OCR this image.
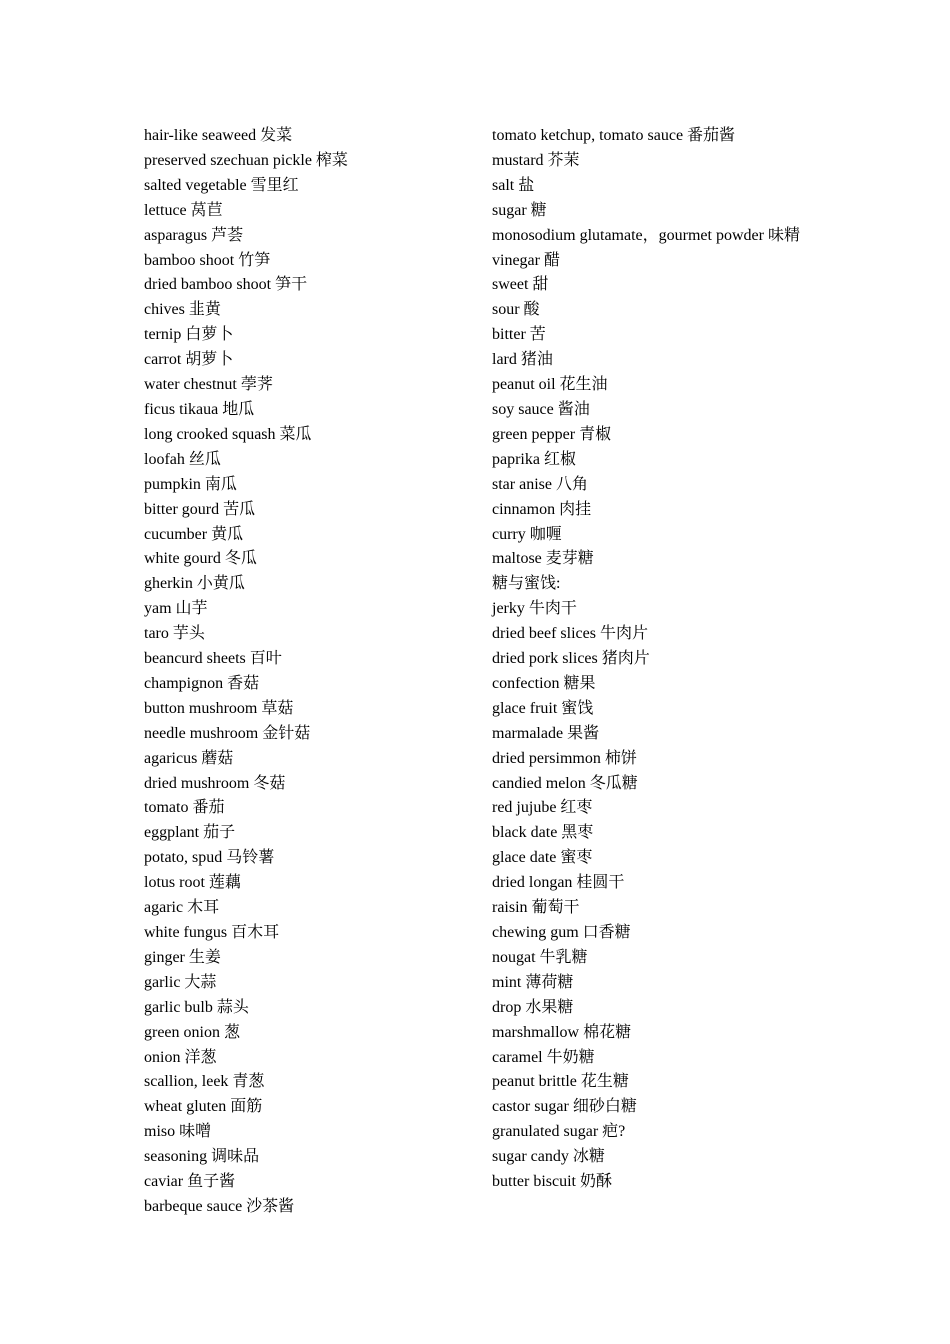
hair-like seaweed 发菜
preserved szechuan pickle 榨菜
salted vegetable 雪里红
lettuce 莴苣
asparagus 芦荟
bamboo shoot 竹笋
dried bamboo shoot 笋干
chives 韭黄
ternip 白萝卜
carrot 胡萝卜
water chestnut 荸荠
ficus tikaua 地瓜
long crooked squash 菜瓜
loofah 丝瓜
pumpkin 南瓜
bitter gourd 苦瓜
cucumber 黄瓜
white gourd 冬瓜
gherkin 小黄瓜
yam 山芋
taro 芋头
beancurd sheets 百叶
champignon 香菇
button mushroom 草菇
needle mushroom 金针菇
agaricus 蘑菇
dried mushroom 冬菇
tomato 番茄
eggplant 茄子
potato, spud 马铃薯
lotus root 莲藕
agaric 木耳
white fungus 百木耳
ginger 生姜
garlic 大蒜
garlic bulb 蒜头
green onion 葱
onion 洋葱
scallion, leek 青葱
wheat gluten 面筋
miso 味噌
seasoning 调味品
caviar 鱼子酱
barbeque sauce 沙茶酱
tomato ketchup, tomato sauce 番茄酱
mustard 芥茉
salt 盐
sugar 糖
monosodium glutamate，gourmet powder 味精
vinegar 醋
sweet 甜
sour 酸
bitter 苦
lard 猪油
peanut oil 花生油
soy sauce 酱油
green pepper 青椒
paprika 红椒
star anise 八角
cinnamon 肉挂
curry 咖喱
maltose 麦芽糖
糖与蜜饯:
jerky 牛肉干
dried beef slices 牛肉片
dried pork slices 猪肉片
confection 糖果
glace fruit 蜜饯
marmalade 果酱
dried persimmon 柿饼
candied melon 冬瓜糖
red jujube 红枣
black date 黑枣
glace date 蜜枣
dried longan 桂圆干
raisin 葡萄干
chewing gum 口香糖
nougat 牛乳糖
mint 薄荷糖
drop 水果糖
marshmallow 棉花糖
caramel 牛奶糖
peanut brittle 花生糖
castor sugar 细砂白糖
granulated sugar 疤?
sugar candy 冰糖
butter biscuit 奶酥
